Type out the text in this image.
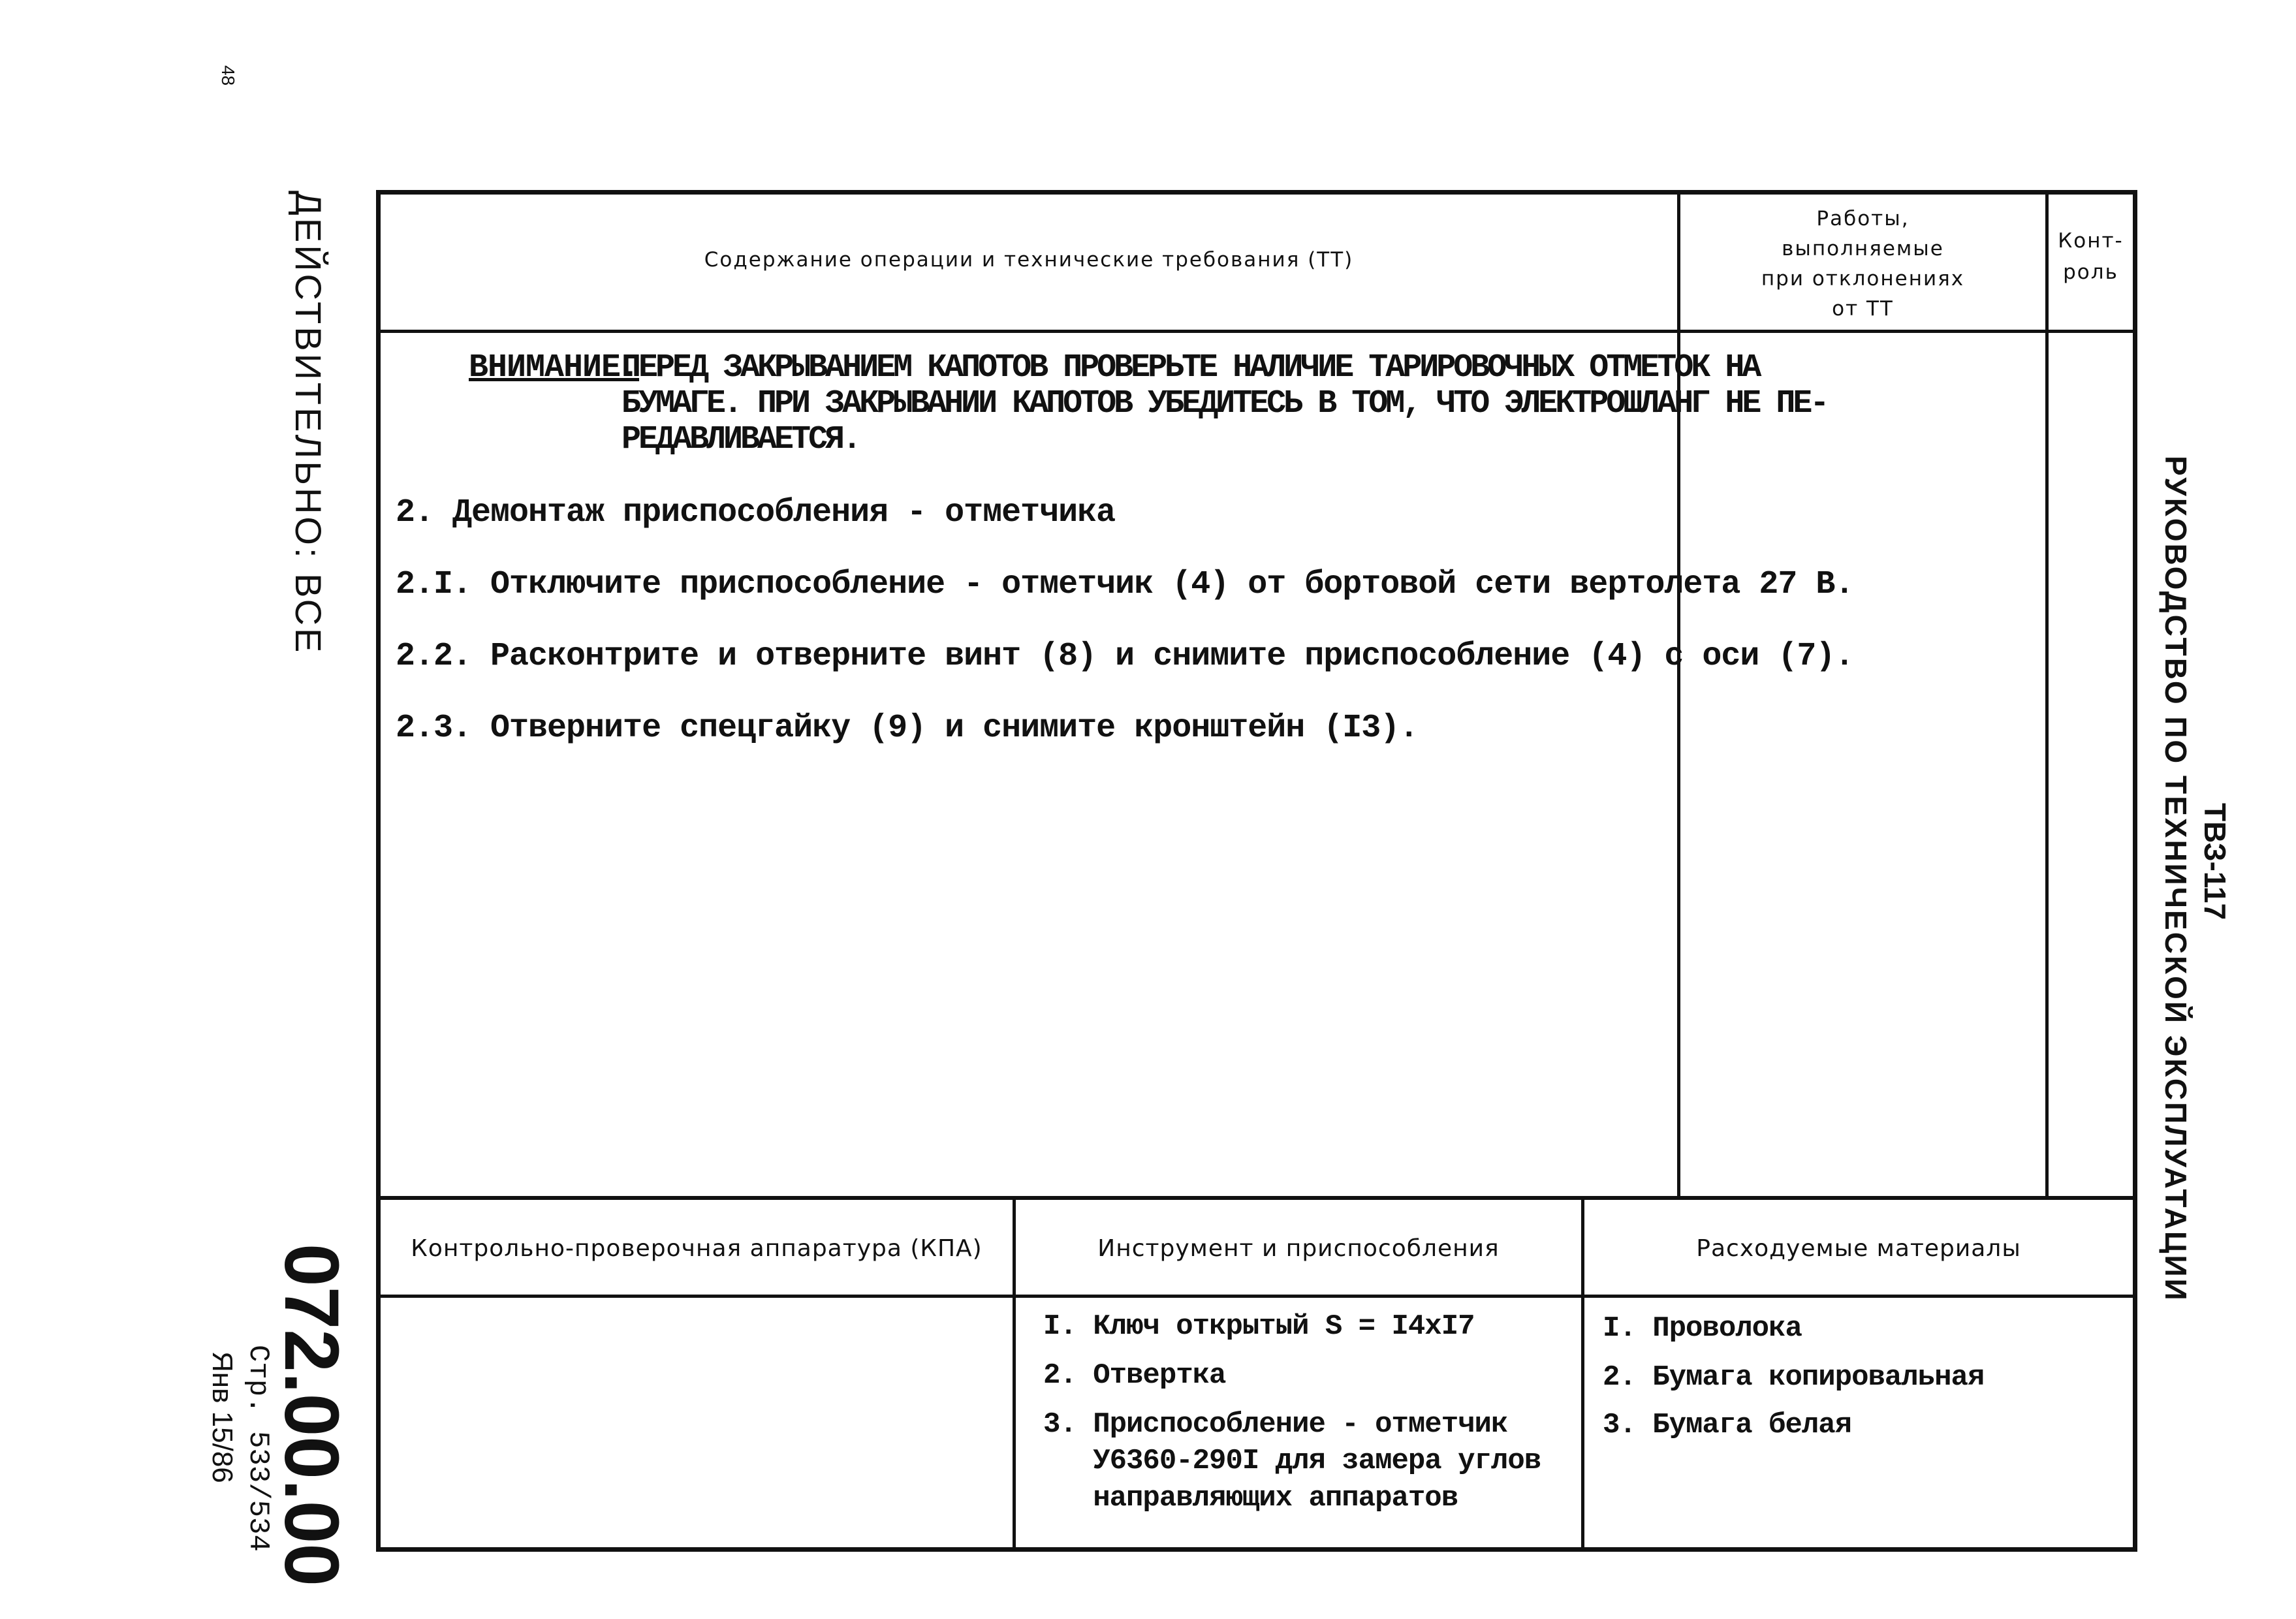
48
ДЕЙСТВИТЕЛЬНО: ВСЕ
072.00.00
Стр. 533/534
Янв 15/86
ТВЗ-117
РУКОВОДСТВО ПО ТЕХНИЧЕСКОЙ ЭКСПЛУАТАЦИИ
Содержание операции и технические требования (ТТ)
Работы,
выполняемые
при отклонениях
от ТТ
Конт-
роль
ВНИМАНИЕ.
ПЕРЕД ЗАКРЫВАНИЕМ КАПОТОВ ПРОВЕРЬТЕ НАЛИЧИЕ ТАРИРОВОЧНЫХ ОТМЕТОК НА
БУМАГЕ. ПРИ ЗАКРЫВАНИИ КАПОТОВ УБЕДИТЕСЬ В ТОМ, ЧТО ЭЛЕКТРОШЛАНГ НЕ ПЕ-
РЕДАВЛИВАЕТСЯ.
2. Демонтаж приспособления - отметчика
2.I. Отключите приспособление - отметчик (4) от бортовой сети вертолета 27 В.
2.2. Расконтрите и отверните винт (8) и снимите приспособление (4) с оси (7).
2.3. Отверните спецгайку (9) и снимите кронштейн (I3).
Контрольно-проверочная аппаратура (КПА)	Инструмент и приспособления	Расходуемые материалы
I. Ключ открытый S = I4xI7
2. Отвертка
3. Приспособление - отметчик
У6360-290I для замера углов
направляющих аппаратов
I. Проволока
2. Бумага копировальная
3. Бумага белая
